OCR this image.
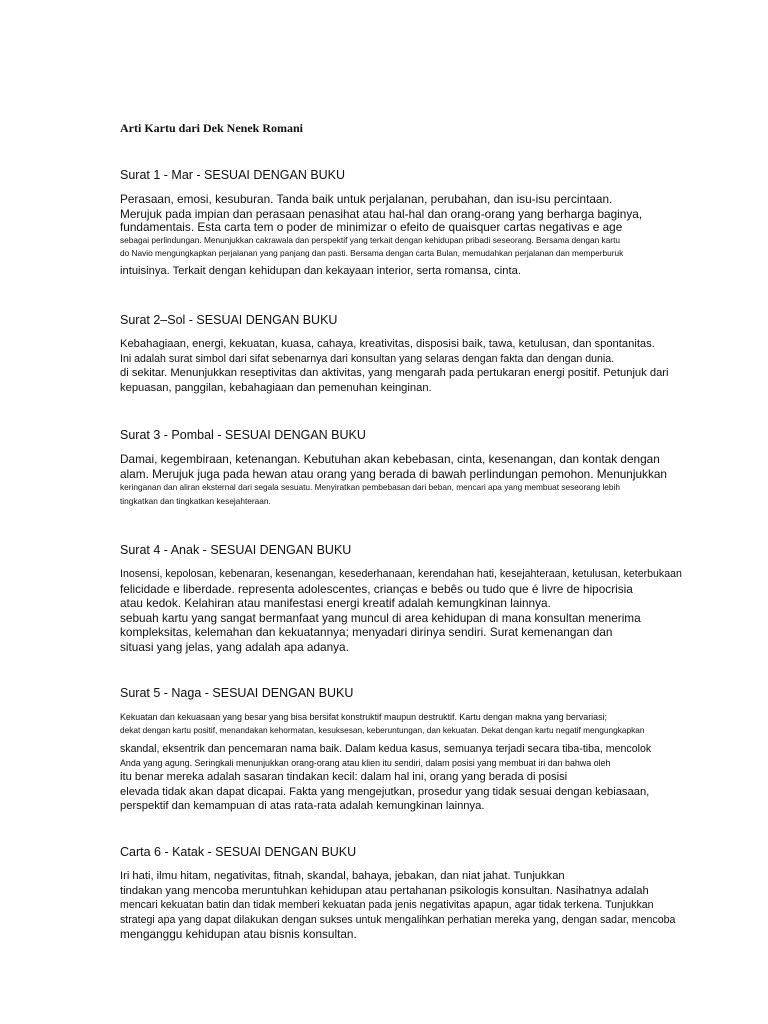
Arti Kartu dari Dek Nenek Romani

Surat 1 - Mar - SESUAI DENGAN BUKU

Perasaan, emosi, kesuburan. Tanda baik untuk perjalanan, perubahan, dan isu-isu percintaan.

Merujuk pada impian dan perasaan penasihat atau hal-hal dan orang-orang yang berharga baginya,

fundamentais. Esta carta tem o poder de minimizar o efeito de quaisquer cartas negativas e age

sebagai perlindungan. Menunjukkan cakrawala dan perspektif yang terkait dengan kehidupan pribadi seseorang. Bersama dengan kartu

do Navio mengungkapkan perjalanan yang panjang dan pasti. Bersama dengan carta Bulan, memudahkan perjalanan dan memperburuk

intuisinya. Terkait dengan kehidupan dan kekayaan interior, serta romansa, cinta.

Surat 2–Sol - SESUAI DENGAN BUKU

Kebahagiaan, energi, kekuatan, kuasa, cahaya, kreativitas, disposisi baik, tawa, ketulusan, dan spontanitas.

Ini adalah surat simbol dari sifat sebenarnya dari konsultan yang selaras dengan fakta dan dengan dunia.

di sekitar. Menunjukkan reseptivitas dan aktivitas, yang mengarah pada pertukaran energi positif. Petunjuk dari

kepuasan, panggilan, kebahagiaan dan pemenuhan keinginan.

Surat 3 - Pombal - SESUAI DENGAN BUKU

Damai, kegembiraan, ketenangan. Kebutuhan akan kebebasan, cinta, kesenangan, dan kontak dengan

alam. Merujuk juga pada hewan atau orang yang berada di bawah perlindungan pemohon. Menunjukkan

keringanan dan aliran eksternal dari segala sesuatu. Menyiratkan pembebasan dari beban, mencari apa yang membuat seseorang lebih

tingkatkan dan tingkatkan kesejahteraan.

Surat 4 - Anak - SESUAI DENGAN BUKU

Inosensi, kepolosan, kebenaran, kesenangan, kesederhanaan, kerendahan hati, kesejahteraan, ketulusan, keterbukaan

felicidade e liberdade. representa adolescentes, crianças e bebês ou tudo que é livre de hipocrisia

atau kedok. Kelahiran atau manifestasi energi kreatif adalah kemungkinan lainnya.

sebuah kartu yang sangat bermanfaat yang muncul di area kehidupan di mana konsultan menerima

kompleksitas, kelemahan dan kekuatannya; menyadari dirinya sendiri. Surat kemenangan dan

situasi yang jelas, yang adalah apa adanya.

Surat 5 - Naga - SESUAI DENGAN BUKU

Kekuatan dan kekuasaan yang besar yang bisa bersifat konstruktif maupun destruktif. Kartu dengan makna yang bervariasi;

dekat dengan kartu positif, menandakan kehormatan, kesuksesan, keberuntungan, dan kekuatan. Dekat dengan kartu negatif mengungkapkan

skandal, eksentrik dan pencemaran nama baik. Dalam kedua kasus, semuanya terjadi secara tiba-tiba, mencolok

Anda yang agung. Seringkali menunjukkan orang-orang atau klien itu sendiri, dalam posisi yang membuat iri dan bahwa oleh

itu benar mereka adalah sasaran tindakan kecil: dalam hal ini, orang yang berada di posisi

elevada tidak akan dapat dicapai. Fakta yang mengejutkan, prosedur yang tidak sesuai dengan kebiasaan,

perspektif dan kemampuan di atas rata-rata adalah kemungkinan lainnya.

Carta 6 - Katak - SESUAI DENGAN BUKU

Iri hati, ilmu hitam, negativitas, fitnah, skandal, bahaya, jebakan, dan niat jahat. Tunjukkan

tindakan yang mencoba meruntuhkan kehidupan atau pertahanan psikologis konsultan. Nasihatnya adalah

mencari kekuatan batin dan tidak memberi kekuatan pada jenis negativitas apapun, agar tidak terkena. Tunjukkan

strategi apa yang dapat dilakukan dengan sukses untuk mengalihkan perhatian mereka yang, dengan sadar, mencoba

menganggu kehidupan atau bisnis konsultan.
